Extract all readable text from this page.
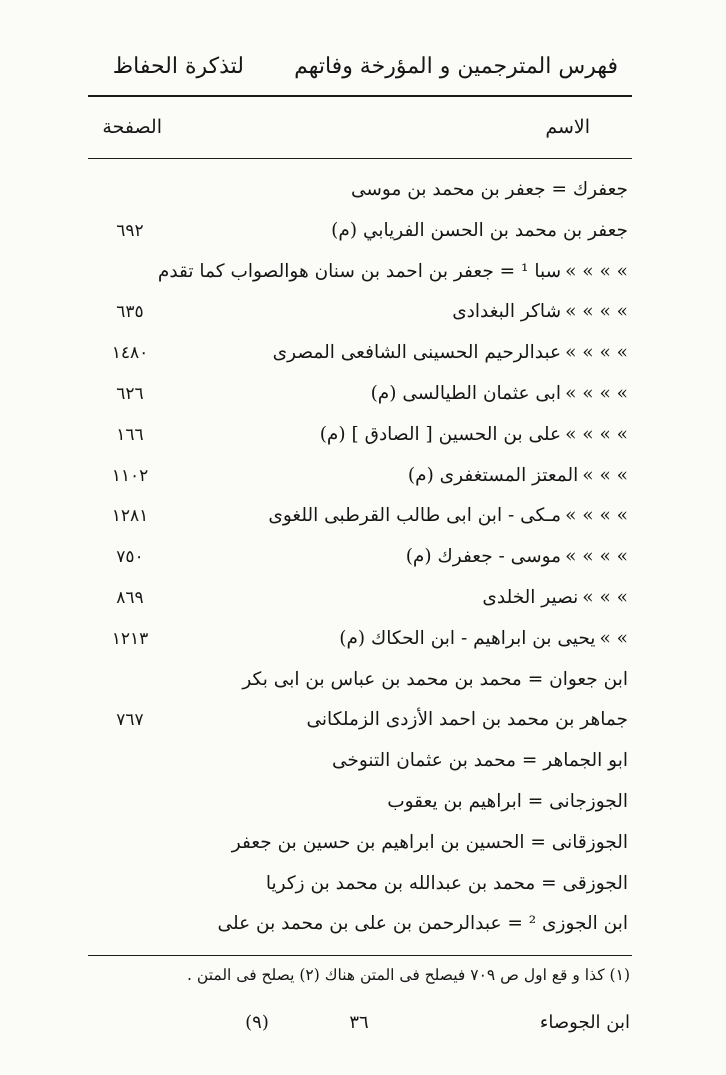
فهرس المترجمين و المؤرخة وفاتهم
لتذكرة الحفاظ
الاسم
الصفحة
جعفرك = جعفر بن محمد بن موسى
جعفر بن محمد بن الحسن الفريابي (م)
٦٩٢
» » » »سبا ¹ = جعفر بن احمد بن سنان هوالصواب كما تقدم
» » » »شاكر البغدادى
٦٣٥
» » » »عبدالرحيم الحسينى الشافعى المصرى
١٤٨٠
» » » »ابى عثمان الطيالسى (م)
٦٢٦
» » » »على بن الحسين [ الصادق ] (م)
١٦٦
» » »المعتز المستغفرى (م)
١١٠٢
» » » »مـكى - ابن ابى طالب القرطبى اللغوى
١٢٨١
» » » »موسى - جعفرك (م)
٧٥٠
» » »نصير الخلدى
٨٦٩
» »يحيى بن ابراهيم - ابن الحكاك (م)
١٢١٣
ابن جعوان = محمد بن محمد بن عباس بن ابى بكر
جماهر بن محمد بن احمد الأزدى الزملكانى
٧٦٧
ابو الجماهر = محمد بن عثمان التنوخى
الجوزجانى = ابراهيم بن يعقوب
الجوزقانى = الحسين بن ابراهيم بن حسين بن جعفر
الجوزقى = محمد بن عبدالله بن محمد بن زكريا
ابن الجوزى ² = عبدالرحمن بن على بن محمد بن على
(١) كذا و قع اول ص ٧٠٩ فيصلح فى المتن هناك (٢) يصلح فى المتن .
ابن الجوصاء
(٩)	٣٦
